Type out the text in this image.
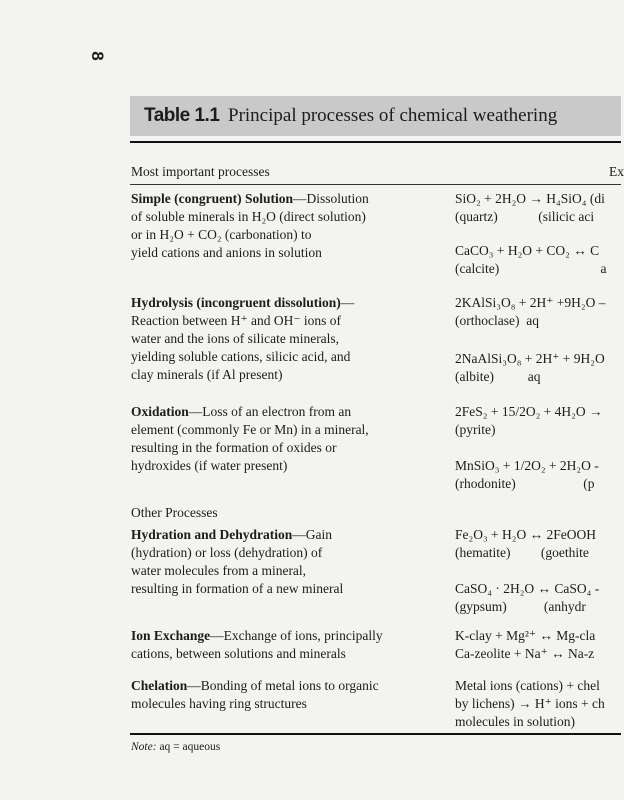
8
Table 1.1 Principal processes of chemical weathering
Most important processes	Ex
Simple (congruent) Solution—Dissolution
of soluble minerals in H₂O (direct solution)
or in H₂O + CO₂ (carbonation) to
yield cations and anions in solution
SiO₂ + 2H₂O → H₄SiO₄ (di
(quartz)            (silicic aci
CaCO₃ + H₂O + CO₂ ↔ C
(calcite)                              a
Hydrolysis (incongruent dissolution)—
Reaction between H⁺ and OH⁻ ions of
water and the ions of silicate minerals,
yielding soluble cations, silicic acid, and
clay minerals (if Al present)
2KAlSi₃O₈ + 2H⁺ +9H₂O –
(orthoclase)  aq
2NaAlSi₃O₈ + 2H⁺ + 9H₂O
(albite)          aq
Oxidation—Loss of an electron from an
element (commonly Fe or Mn) in a mineral,
resulting in the formation of oxides or
hydroxides (if water present)
2FeS₂ + 15/2O₂ + 4H₂O →
(pyrite)
MnSiO₃ + 1/2O₂ + 2H₂O -
(rhodonite)                    (p
Other Processes
Hydration and Dehydration—Gain
(hydration) or loss (dehydration) of
water molecules from a mineral,
resulting in formation of a new mineral
Fe₂O₃ + H₂O ↔ 2FeOOH
(hematite)         (goethite
CaSO₄ · 2H₂O ↔ CaSO₄ -
(gypsum)           (anhydr
Ion Exchange—Exchange of ions, principally
cations, between solutions and minerals
K-clay + Mg²⁺ ↔ Mg-cla
Ca-zeolite + Na⁺ ↔ Na-z
Chelation—Bonding of metal ions to organic
molecules having ring structures
Metal ions (cations) + chel
by lichens) → H⁺ ions + ch
molecules in solution)
Note: aq = aqueous
